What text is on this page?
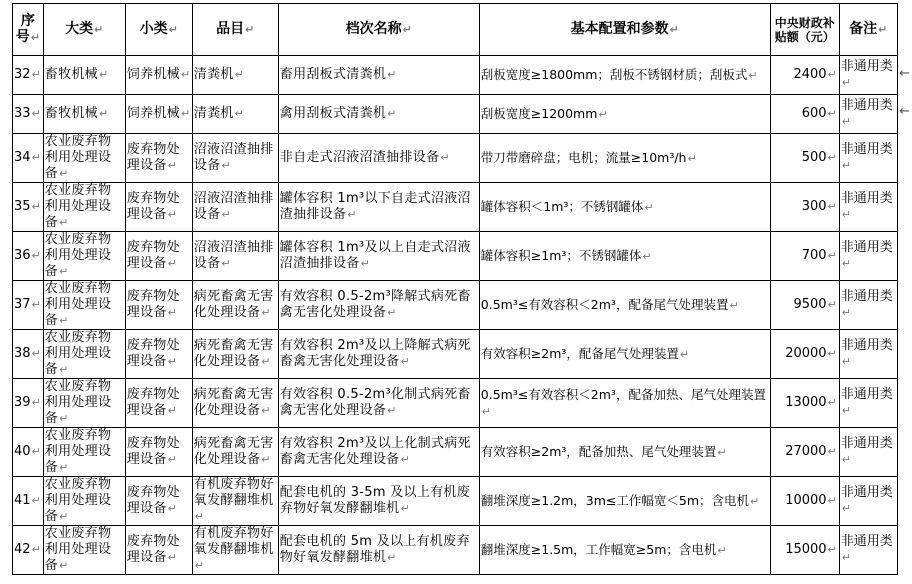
序号↵	大类↵	小类↵	品目↵	档次名称↵	基本配置和参数↵	中央财政补贴额（元）	备注↵
32↵	畜牧机械↵	饲养机械↵	清粪机↵	畜用刮板式清粪机↵	刮板宽度≥1800mm；刮板不锈钢材质；刮板式↵	2400↵	非通用类↵
33↵	畜牧机械↵	饲养机械↵	清粪机↵	禽用刮板式清粪机↵	刮板宽度≥1200mm↵	600↵	非通用类↵
34↵	农业废弃物利用处理设备↵	废弃物处理设备↵	沼液沼渣抽排设备↵	非自走式沼液沼渣抽排设备↵	带刀带磨碎盘；电机；流量≥10m³/h↵	500↵	非通用类↵
35↵	农业废弃物利用处理设备↵	废弃物处理设备↵	沼液沼渣抽排设备↵	罐体容积 1m³以下自走式沼液沼渣抽排设备↵	罐体容积＜1m³；不锈钢罐体↵	300↵	非通用类↵
36↵	农业废弃物利用处理设备↵	废弃物处理设备↵	沼液沼渣抽排设备↵	罐体容积 1m³及以上自走式沼液沼渣抽排设备↵	罐体容积≥1m³；不锈钢罐体↵	700↵	非通用类↵
37↵	农业废弃物利用处理设备↵	废弃物处理设备↵	病死畜禽无害化处理设备↵	有效容积 0.5-2m³降解式病死畜禽无害化处理设备↵	0.5m³≤有效容积＜2m³，配备尾气处理装置↵	9500↵	非通用类↵
38↵	农业废弃物利用处理设备↵	废弃物处理设备↵	病死畜禽无害化处理设备↵	有效容积 2m³及以上降解式病死畜禽无害化处理设备↵	有效容积≥2m³，配备尾气处理装置↵	20000↵	非通用类↵
39↵	农业废弃物利用处理设备↵	废弃物处理设备↵	病死畜禽无害化处理设备↵	有效容积 0.5-2m³化制式病死畜禽无害化处理设备↵	0.5m³≤有效容积＜2m³，配备加热、尾气处理装置↵	13000↵	非通用类↵
40↵	农业废弃物利用处理设备↵	废弃物处理设备↵	病死畜禽无害化处理设备↵	有效容积 2m³及以上化制式病死畜禽无害化处理设备↵	有效容积≥2m³，配备加热、尾气处理装置↵	27000↵	非通用类↵
41↵	农业废弃物利用处理设备↵	废弃物处理设备↵	有机废弃物好氧发酵翻堆机↵	配套电机的 3-5m 及以上有机废弃物好氧发酵翻堆机↵	翻堆深度≥1.2m，3m≤工作幅宽＜5m；含电机↵	10000↵	非通用类↵
42↵	农业废弃物利用处理设备↵	废弃物处理设备↵	有机废弃物好氧发酵翻堆机↵	配套电机的 5m 及以上有机废弃物好氧发酵翻堆机↵	翻堆深度≥1.5m，工作幅宽≥5m；含电机↵	15000↵	非通用类↵
←
←
